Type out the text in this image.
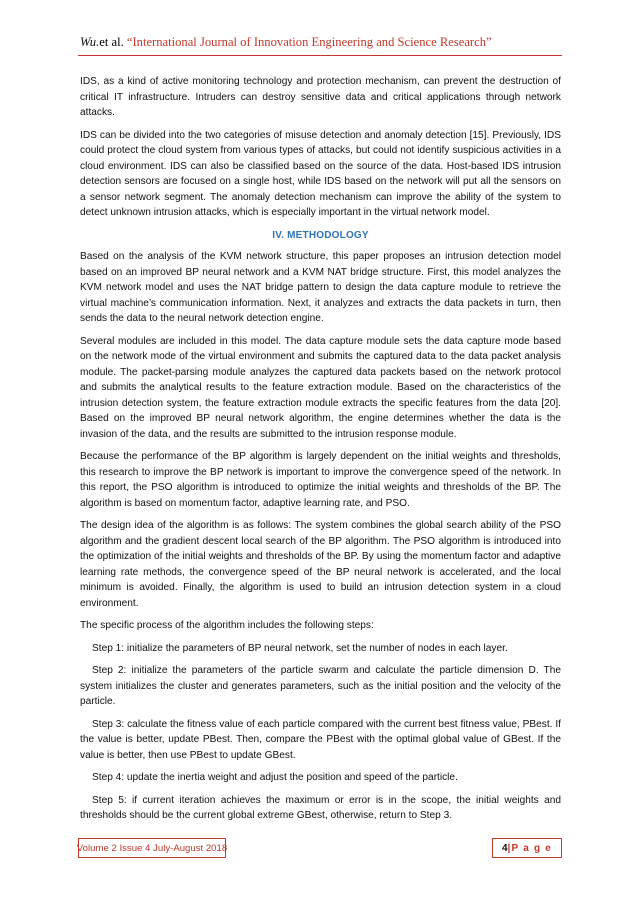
Wu.et al. “International Journal of Innovation Engineering and Science Research”

IDS, as a kind of active monitoring technology and protection mechanism, can prevent the destruction of critical IT infrastructure. Intruders can destroy sensitive data and critical applications through network attacks.

IDS can be divided into the two categories of misuse detection and anomaly detection [15]. Previously, IDS could protect the cloud system from various types of attacks, but could not identify suspicious activities in a cloud environment. IDS can also be classified based on the source of the data. Host-based IDS intrusion detection sensors are focused on a single host, while IDS based on the network will put all the sensors on a sensor network segment. The anomaly detection mechanism can improve the ability of the system to detect unknown intrusion attacks, which is especially important in the virtual network model.

IV. METHODOLOGY

Based on the analysis of the KVM network structure, this paper proposes an intrusion detection model based on an improved BP neural network and a KVM NAT bridge structure. First, this model analyzes the KVM network model and uses the NAT bridge pattern to design the data capture module to retrieve the virtual machine’s communication information. Next, it analyzes and extracts the data packets in turn, then sends the data to the neural network detection engine.

Several modules are included in this model. The data capture module sets the data capture mode based on the network mode of the virtual environment and submits the captured data to the data packet analysis module. The packet-parsing module analyzes the captured data packets based on the network protocol and submits the analytical results to the feature extraction module. Based on the characteristics of the intrusion detection system, the feature extraction module extracts the specific features from the data [20]. Based on the improved BP neural network algorithm, the engine determines whether the data is the invasion of the data, and the results are submitted to the intrusion response module.

Because the performance of the BP algorithm is largely dependent on the initial weights and thresholds, this research to improve the BP network is important to improve the convergence speed of the network. In this report, the PSO algorithm is introduced to optimize the initial weights and thresholds of the BP. The algorithm is based on momentum factor, adaptive learning rate, and PSO.

The design idea of the algorithm is as follows: The system combines the global search ability of the PSO algorithm and the gradient descent local search of the BP algorithm. The PSO algorithm is introduced into the optimization of the initial weights and thresholds of the BP. By using the momentum factor and adaptive learning rate methods, the convergence speed of the BP neural network is accelerated, and the local minimum is avoided. Finally, the algorithm is used to build an intrusion detection system in a cloud environment.

The specific process of the algorithm includes the following steps:

Step 1: initialize the parameters of BP neural network, set the number of nodes in each layer.

Step 2: initialize the parameters of the particle swarm and calculate the particle dimension D. The system initializes the cluster and generates parameters, such as the initial position and the velocity of the particle.

Step 3: calculate the fitness value of each particle compared with the current best fitness value, PBest. If the value is better, update PBest. Then, compare the PBest with the optimal global value of GBest. If the value is better, then use PBest to update GBest.

Step 4: update the inertia weight and adjust the position and speed of the particle.

Step 5: if current iteration achieves the maximum or error is in the scope, the initial weights and thresholds should be the current global extreme GBest, otherwise, return to Step 3.

Volume 2 Issue 4 July-August 2018	4 |P a g e
